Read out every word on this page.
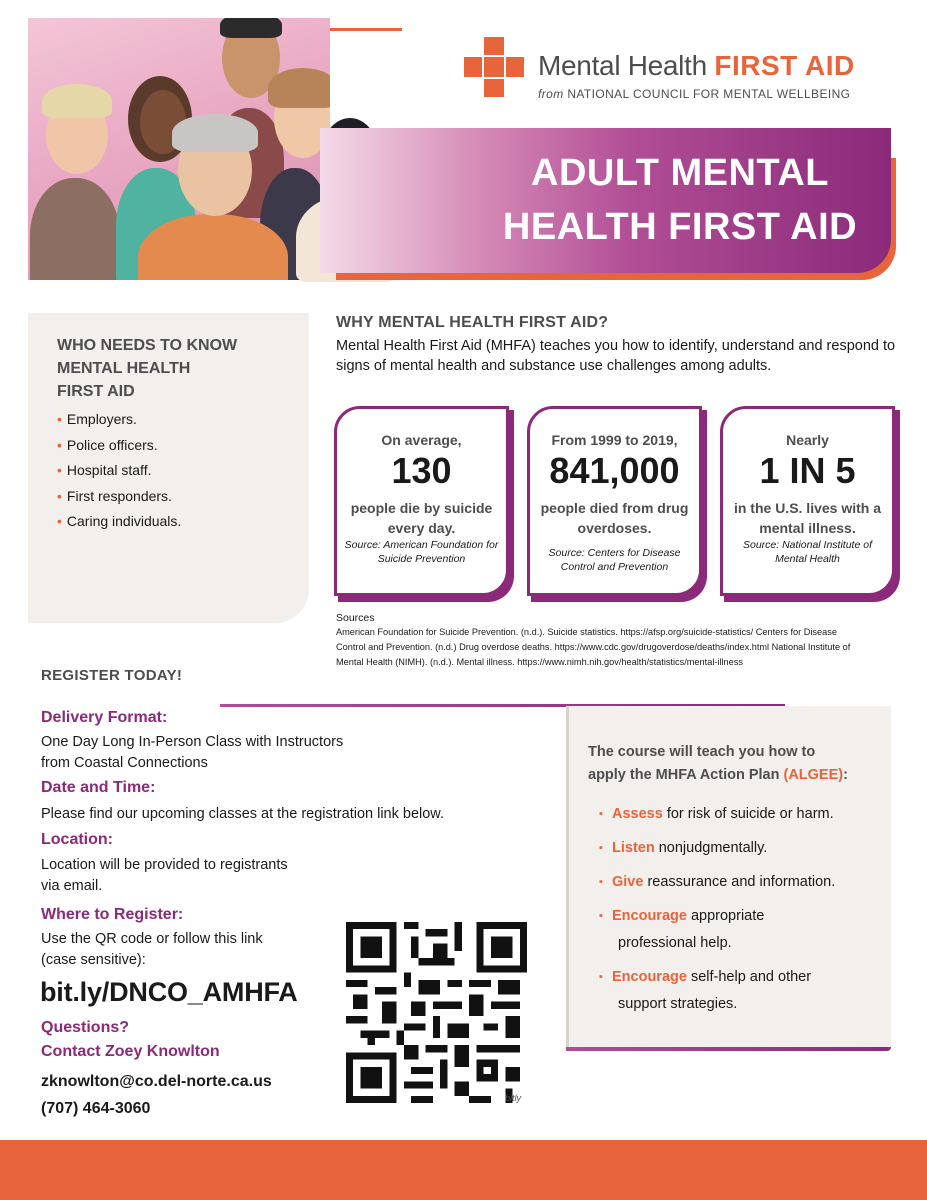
ADULT MENTAL
HEALTH FIRST AID
Mental Health FIRST AID
from NATIONAL COUNCIL FOR MENTAL WELLBEING
WHO NEEDS TO KNOW
MENTAL HEALTH
FIRST AID
• Employers.
• Police officers.
• Hospital staff.
• First responders.
• Caring individuals.
WHY MENTAL HEALTH FIRST AID?
Mental Health First Aid (MHFA) teaches you how to identify, understand and respond to signs of mental health and substance use challenges among adults.
On average,
130
people die by suicide every day.
Source: American Foundation for Suicide Prevention
From 1999 to 2019,
841,000
people died from drug overdoses.
Source: Centers for Disease Control and Prevention
Nearly
1 IN 5
in the U.S. lives with a mental illness.
Source: National Institute of Mental Health
Sources
American Foundation for Suicide Prevention. (n.d.). Suicide statistics. https://afsp.org/suicide-statistics/ Centers for Disease
Control and Prevention. (n.d.) Drug overdose deaths. https://www.cdc.gov/drugoverdose/deaths/index.html National Institute of
Mental Health (NIMH). (n.d.). Mental illness. https://www.nimh.nih.gov/health/statistics/mental-illness
REGISTER TODAY!
Delivery Format:
One Day Long In-Person Class with Instructors
from Coastal Connections
Date and Time:
Please find our upcoming classes at the registration link below.
Location:
Location will be provided to registrants
via email.
Where to Register:
Use the QR code or follow this link
(case sensitive):
bit.ly/DNCO_AMHFA
Questions?
Contact Zoey Knowlton
zknowlton@co.del-norte.ca.us
(707) 464-3060
bitly
The course will teach you how to
apply the MHFA Action Plan (ALGEE):
▪ Assess for risk of suicide or harm.
▪ Listen nonjudgmentally.
▪ Give reassurance and information.
▪ Encourage appropriate
professional help.
▪ Encourage self-help and other
support strategies.
